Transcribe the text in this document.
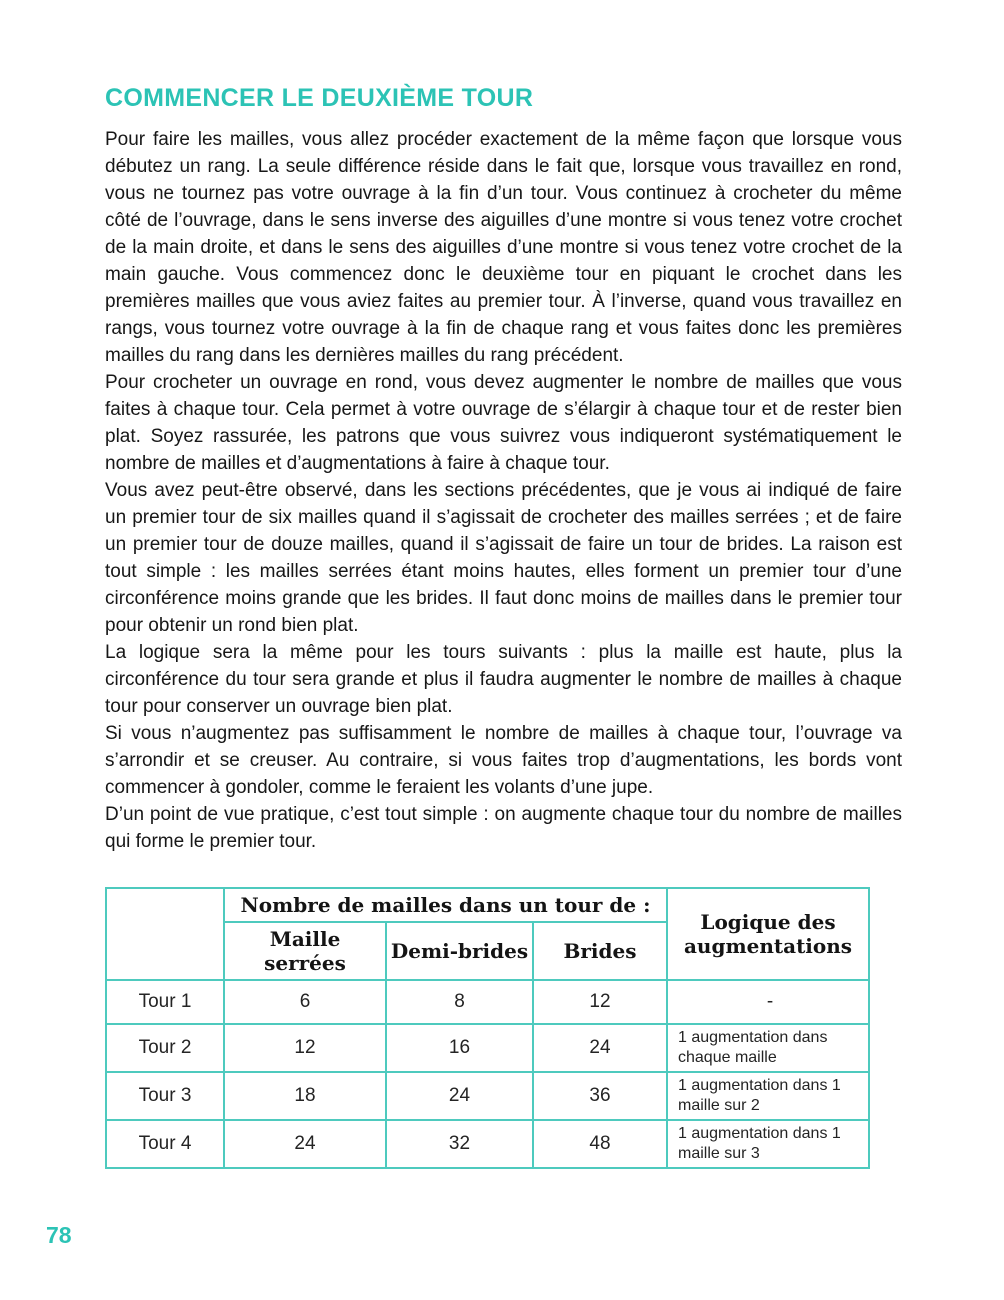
COMMENCER LE DEUXIÈME TOUR

Pour faire les mailles, vous allez procéder exactement de la même façon que lorsque vous débutez un rang. La seule différence réside dans le fait que, lorsque vous travaillez en rond, vous ne tournez pas votre ouvrage à la fin d’un tour. Vous continuez à crocheter du même côté de l’ouvrage, dans le sens inverse des aiguilles d’une montre si vous tenez votre crochet de la main droite, et dans le sens des aiguilles d’une montre si vous tenez votre crochet de la main gauche. Vous commencez donc le deuxième tour en piquant le crochet dans les premières mailles que vous aviez faites au premier tour. À l’inverse, quand vous travaillez en rangs, vous tournez votre ouvrage à la fin de chaque rang et vous faites donc les premières mailles du rang dans les dernières mailles du rang précédent.

Pour crocheter un ouvrage en rond, vous devez augmenter le nombre de mailles que vous faites à chaque tour. Cela permet à votre ouvrage de s’élargir à chaque tour et de rester bien plat. Soyez rassurée, les patrons que vous suivrez vous indiqueront systématiquement le nombre de mailles et d’augmentations à faire à chaque tour.

Vous avez peut-être observé, dans les sections précédentes, que je vous ai indiqué de faire un premier tour de six mailles quand il s’agissait de crocheter des mailles serrées ; et de faire un premier tour de douze mailles, quand il s’agissait de faire un tour de brides. La raison est tout simple : les mailles serrées étant moins hautes, elles forment un premier tour d’une circonférence moins grande que les brides. Il faut donc moins de mailles dans le premier tour pour obtenir un rond bien plat.

La logique sera la même pour les tours suivants : plus la maille est haute, plus la circonférence du tour sera grande et plus il faudra augmenter le nombre de mailles à chaque tour pour conserver un ouvrage bien plat.

Si vous n’augmentez pas suffisamment le nombre de mailles à chaque tour, l’ouvrage va s’arrondir et se creuser. Au contraire, si vous faites trop d’augmentations, les bords vont commencer à gondoler, comme le feraient les volants d’une jupe.

D’un point de vue pratique, c’est tout simple : on augmente chaque tour du nombre de mailles qui forme le premier tour.

	Nombre de mailles dans un tour de :			Logique des augmentations
	Maille serrées	Demi-brides	Brides	
Tour 1	6	8	12	-
Tour 2	12	16	24	1 augmentation dans chaque maille
Tour 3	18	24	36	1 augmentation dans 1 maille sur 2
Tour 4	24	32	48	1 augmentation dans 1 maille sur 3
78
